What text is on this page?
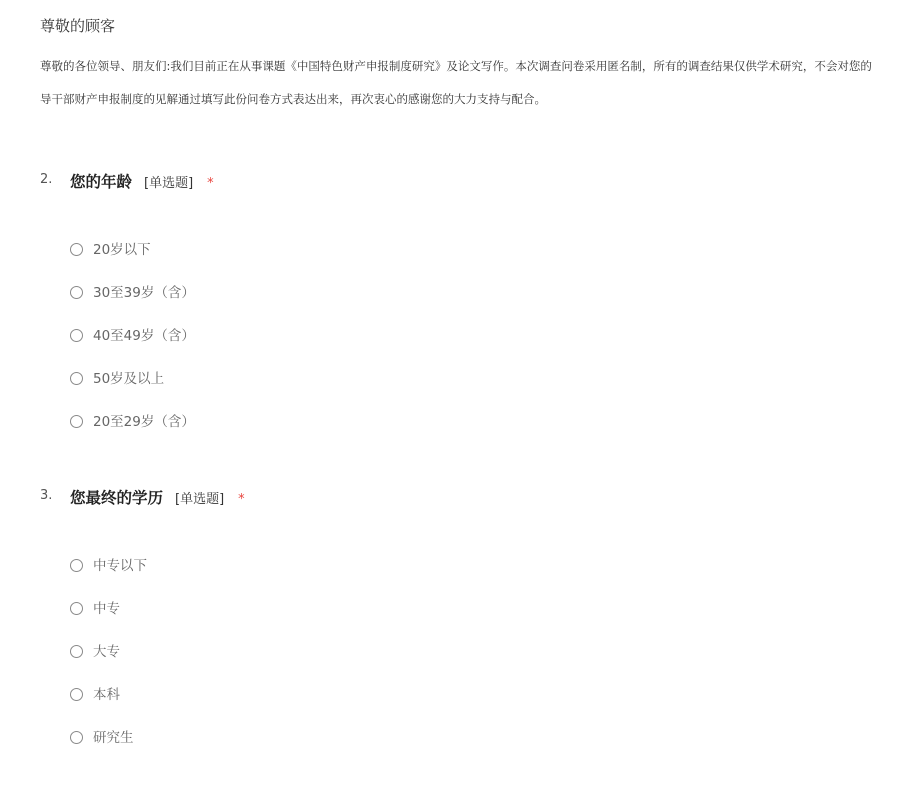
尊敬的顾客
尊敬的各位领导、朋友们:我们目前正在从事课题《中国特色财产申报制度研究》及论文写作。本次调查问卷采用匿名制，所有的调查结果仅供学术研究，不会对您的
导干部财产申报制度的见解通过填写此份问卷方式表达出来，再次衷心的感谢您的大力支持与配合。
2. 您的年龄 [单选题] *
20岁以下
30至39岁（含）
40至49岁（含）
50岁及以上
20至29岁（含）
3. 您最终的学历 [单选题] *
中专以下
中专
大专
本科
研究生
